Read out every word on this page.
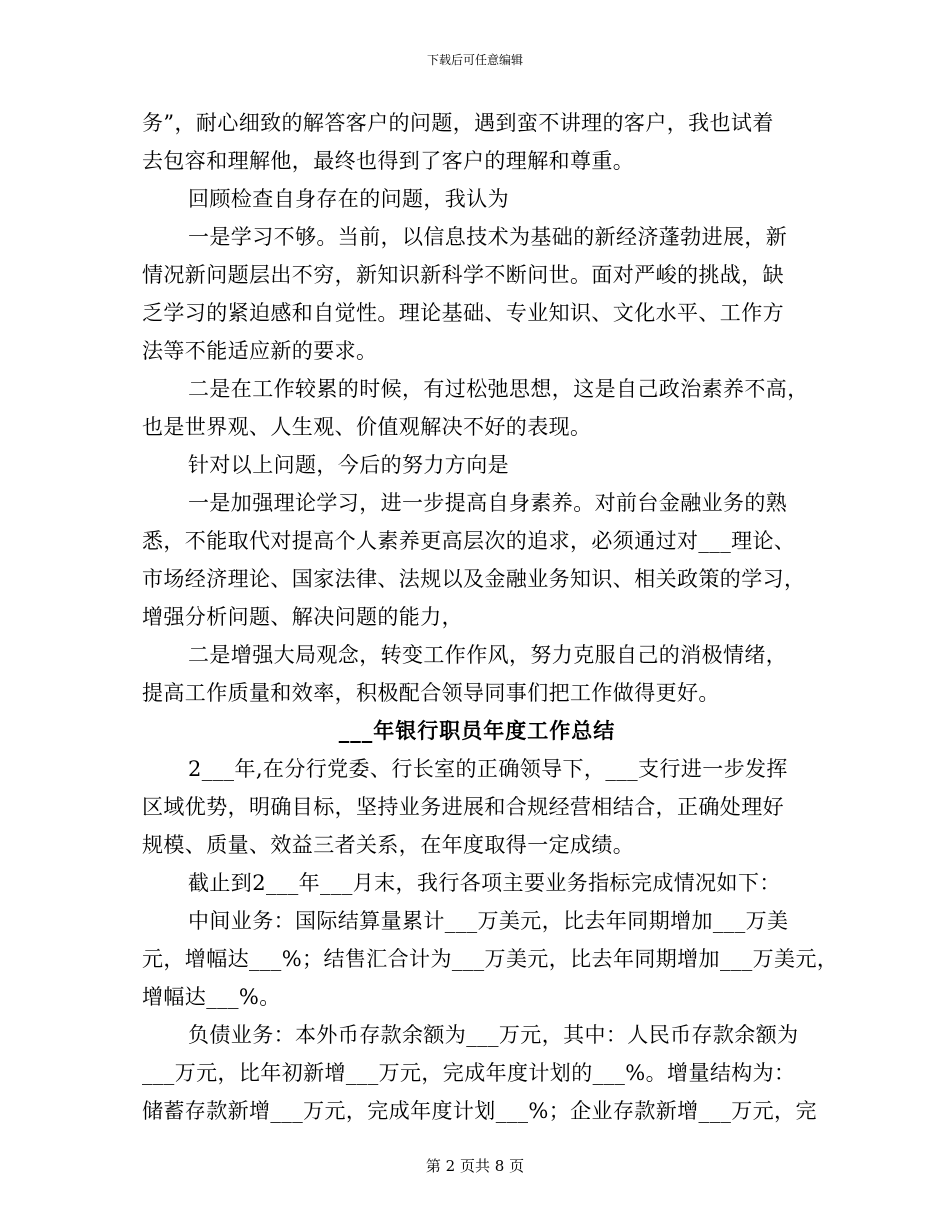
下载后可任意编辑
务”，耐心细致的解答客户的问题，遇到蛮不讲理的客户，我也试着
去包容和理解他，最终也得到了客户的理解和尊重。
回顾检查自身存在的问题，我认为
一是学习不够。当前，以信息技术为基础的新经济蓬勃进展，新
情况新问题层出不穷，新知识新科学不断问世。面对严峻的挑战，缺
乏学习的紧迫感和自觉性。理论基础、专业知识、文化水平、工作方
法等不能适应新的要求。
二是在工作较累的时候，有过松弛思想，这是自己政治素养不高，
也是世界观、人生观、价值观解决不好的表现。
针对以上问题，今后的努力方向是
一是加强理论学习，进一步提高自身素养。对前台金融业务的熟
悉，不能取代对提高个人素养更高层次的追求，必须通过对___理论、
市场经济理论、国家法律、法规以及金融业务知识、相关政策的学习，
增强分析问题、解决问题的能力，
二是增强大局观念，转变工作作风，努力克服自己的消极情绪，
提高工作质量和效率，积极配合领导同事们把工作做得更好。
___年银行职员年度工作总结
2___年,在分行党委、行长室的正确领导下，___支行进一步发挥
区域优势，明确目标，坚持业务进展和合规经营相结合，正确处理好
规模、质量、效益三者关系，在年度取得一定成绩。
截止到2___年___月末，我行各项主要业务指标完成情况如下：
中间业务：国际结算量累计___万美元，比去年同期增加___万美
元，增幅达___%；结售汇合计为___万美元，比去年同期增加___万美元，
增幅达___%。
负债业务：本外币存款余额为___万元，其中：人民币存款余额为
___万元，比年初新增___万元，完成年度计划的___%。增量结构为：
储蓄存款新增___万元，完成年度计划___%；企业存款新增___万元，完
第 2 页共 8 页
